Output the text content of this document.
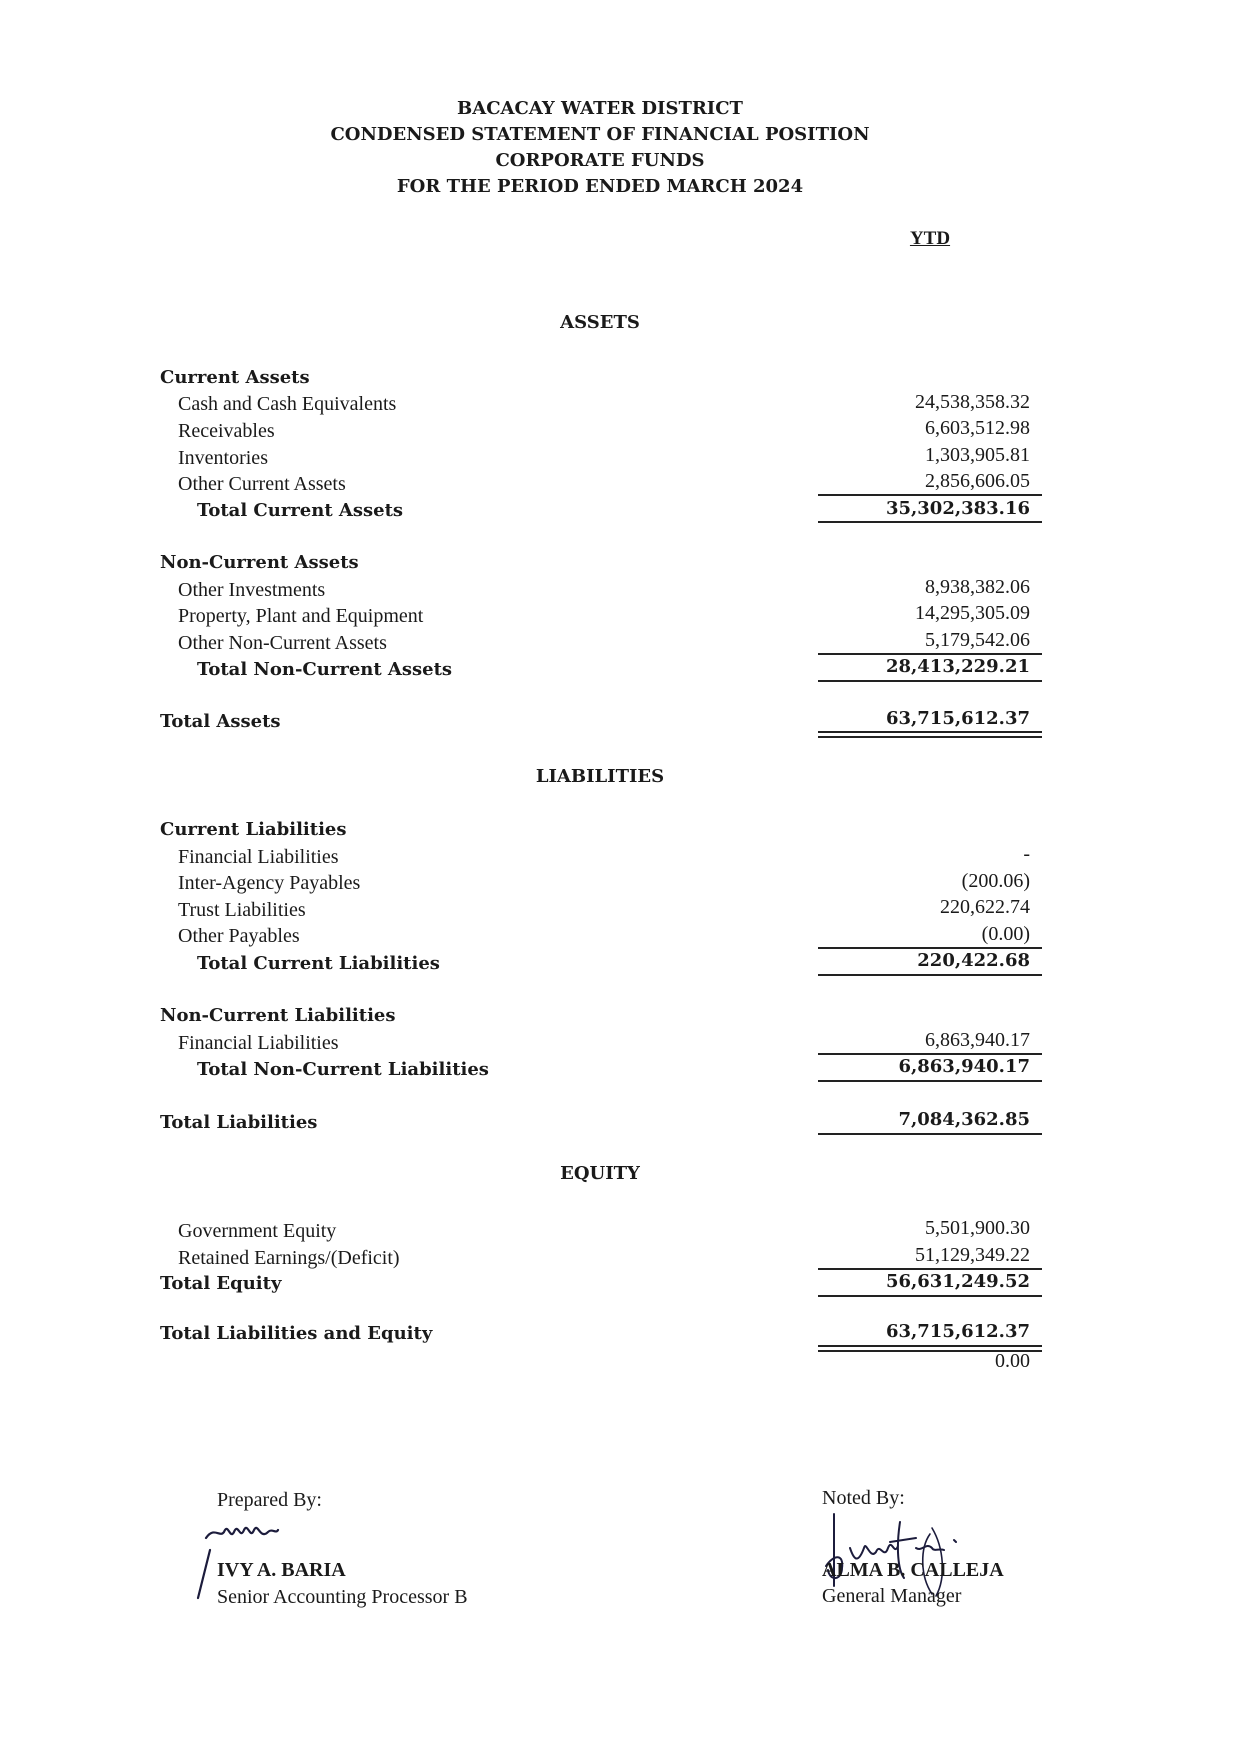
BACACAY WATER DISTRICT
CONDENSED STATEMENT OF FINANCIAL POSITION
CORPORATE FUNDS
FOR THE PERIOD ENDED MARCH 2024
YTD
ASSETS
Current Assets
Cash and Cash Equivalents	24,538,358.32
Receivables	6,603,512.98
Inventories	1,303,905.81
Other Current Assets	2,856,606.05
Total Current Assets	35,302,383.16
Non-Current Assets
Other Investments	8,938,382.06
Property, Plant and Equipment	14,295,305.09
Other Non-Current Assets	5,179,542.06
Total Non-Current Assets	28,413,229.21
Total Assets	63,715,612.37
LIABILITIES
Current Liabilities
Financial Liabilities	-
Inter-Agency Payables	(200.06)
Trust Liabilities	220,622.74
Other Payables	(0.00)
Total Current Liabilities	220,422.68
Non-Current Liabilities
Financial Liabilities	6,863,940.17
Total Non-Current Liabilities	6,863,940.17
Total Liabilities	7,084,362.85
EQUITY
Government Equity	5,501,900.30
Retained Earnings/(Deficit)	51,129,349.22
Total Equity	56,631,249.52
Total Liabilities and Equity	63,715,612.37
0.00
Prepared By:
IVY A. BARIA
Senior Accounting Processor B
Noted By:
ALMA B. CALLEJA
General Manager
